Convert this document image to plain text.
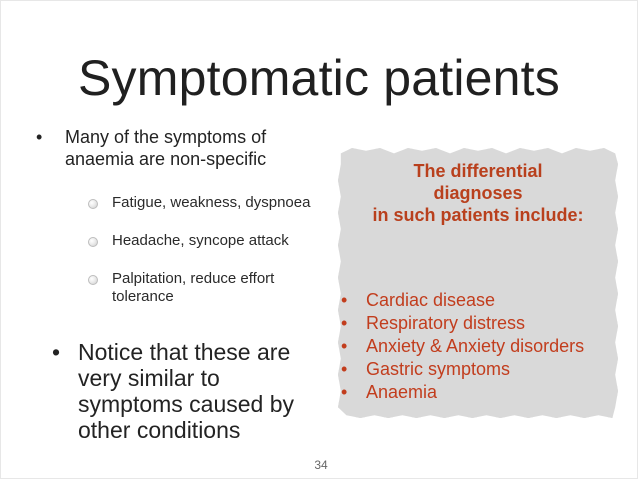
Symptomatic patients
• Many of the symptoms of anaemia are non-specific
Fatigue, weakness, dyspnoea
Headache, syncope attack
Palpitation, reduce effort tolerance
• Notice that these are very similar to symptoms caused by other conditions
The differential
diagnoses
in such patients include:
• Cardiac disease
• Respiratory distress
• Anxiety & Anxiety disorders
• Gastric symptoms
• Anaemia
34
